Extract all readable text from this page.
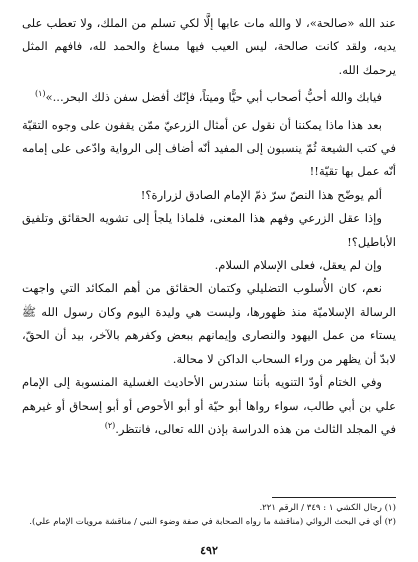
عند الله «صالحة»، لا والله مات عابها إلَّا لكي تسلم من الملك، ولا تعطب على يديه، ولقد كانت صالحة، ليس العيب فيها مساغ والحمد لله، فافهم المثل يرحمك الله.

فيابك والله أحبُّ أصحاب أبي حيًّا وميتاً، فإنّك أفضل سفن ذلك البحر...»$^{(١)}$

بعد هذا ماذا يمكننا أن نقول عن أمثال الزرعيّ ممّن يقفون على وجوه التقيّة في كتب الشيعة ثُمّ ينسبون إلى المفيد أنّه أضاف إلى الرواية وادّعى على إمامه أنّه عمل بها تقيّة!!

ألم يوضّح هذا النصّ سرّ ذمّ الإمام الصادق لزرارة؟!

وإذا عقل الزرعي وفهم هذا المعنى، فلماذا يلجأ إلى تشويه الحقائق وتلفيق الأباطيل؟!

وإن لم يعقل، فعلى الإسلام السلام.

نعم، كان الأُسلوب التضليلي وكتمان الحقائق من أهم المكائد التي واجهت الرسالة الإسلاميّة منذ ظهورها، وليست هي وليدة اليوم وكان رسول الله ﷺ يستاء من عمل اليهود والنصارى وإيمانهم ببعض وكفرهم بالآخر، بيد أن الحقّ، لابدّ أن يظهر من وراء السحاب الداكن لا محالة.

وفي الختام أودّ التنويه بأننا سندرس الأحاديث الغسلية المنسوبة إلى الإمام علي بن أبي طالب، سواء رواها أبو حيّة أو أبو الأحوص أو أبو إسحاق أو غيرهم في المجلد الثالث من هذه الدراسة بإذن الله تعالى، فانتظر.$^{(٢)}$

(١) رجال الكشي ١ : ٣٤٩ / الرقم ٢٢١.

(٢) أي في البحث الروائي (مناقشة ما رواه الصحابة في صفة وضوء النبي / مناقشة مرويات الإمام علي).

٤٩٢
